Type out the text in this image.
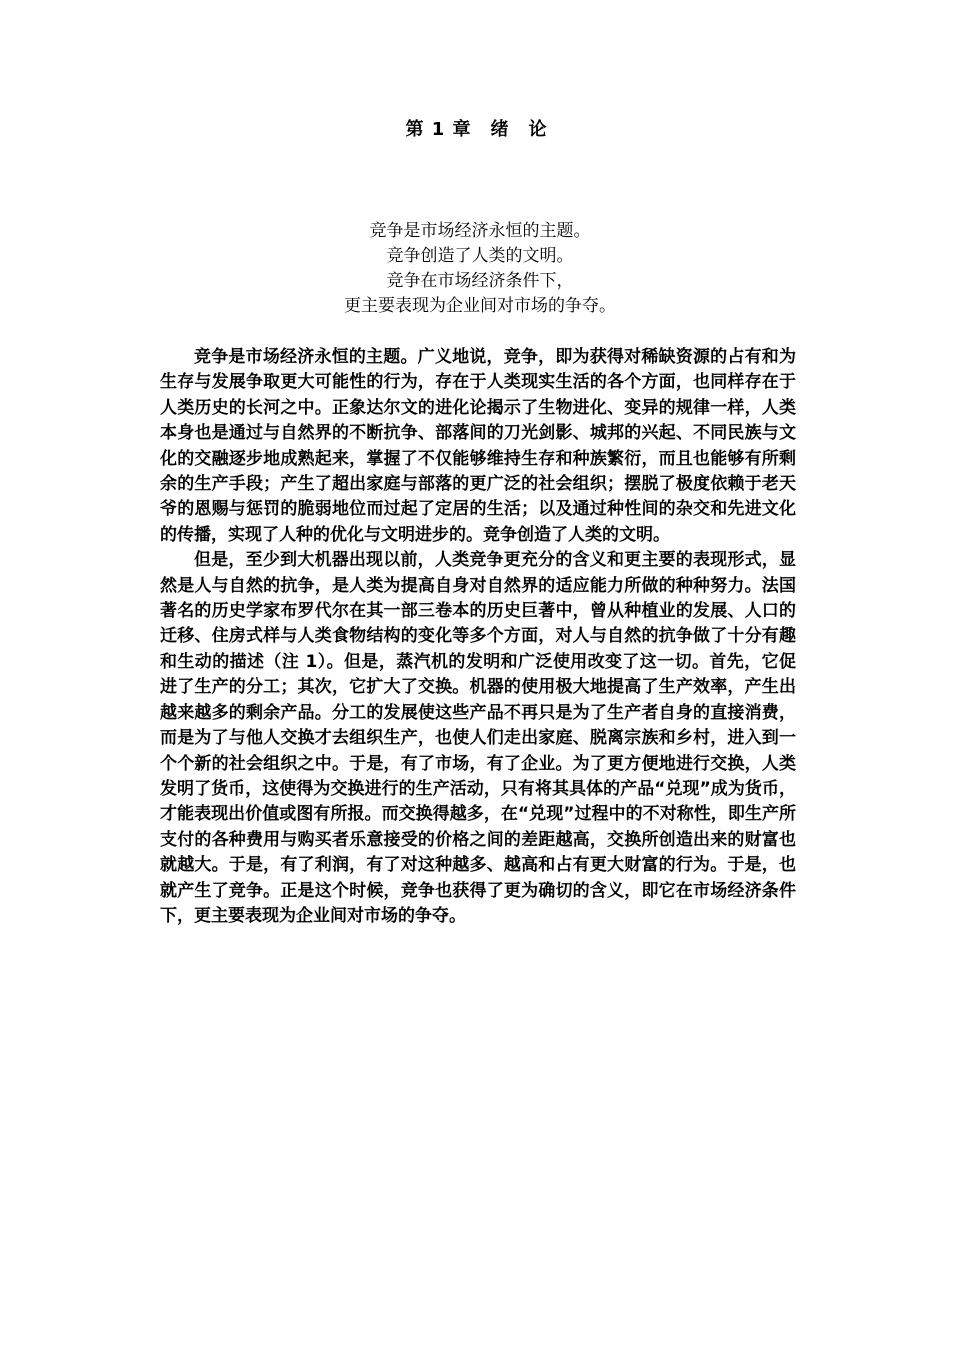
第 1 章　绪　论
竞争是市场经济永恒的主题。
竞争创造了人类的文明。
竞争在市场经济条件下，
更主要表现为企业间对市场的争夺。

竞争是市场经济永恒的主题。广义地说，竞争，即为获得对稀缺资源的占有和为生存与发展争取更大可能性的行为，存在于人类现实生活的各个方面，也同样存在于人类历史的长河之中。正象达尔文的进化论揭示了生物进化、变异的规律一样，人类本身也是通过与自然界的不断抗争、部落间的刀光剑影、城邦的兴起、不同民族与文化的交融逐步地成熟起来，掌握了不仅能够维持生存和种族繁衍，而且也能够有所剩余的生产手段；产生了超出家庭与部落的更广泛的社会组织；摆脱了极度依赖于老天爷的恩赐与惩罚的脆弱地位而过起了定居的生活；以及通过种性间的杂交和先进文化的传播，实现了人种的优化与文明进步的。竞争创造了人类的文明。

但是，至少到大机器出现以前，人类竞争更充分的含义和更主要的表现形式，显然是人与自然的抗争，是人类为提高自身对自然界的适应能力所做的种种努力。法国著名的历史学家布罗代尔在其一部三卷本的历史巨著中，曾从种植业的发展、人口的迁移、住房式样与人类食物结构的变化等多个方面，对人与自然的抗争做了十分有趣和生动的描述（注 1）。但是，蒸汽机的发明和广泛使用改变了这一切。首先，它促进了生产的分工；其次，它扩大了交换。机器的使用极大地提高了生产效率，产生出越来越多的剩余产品。分工的发展使这些产品不再只是为了生产者自身的直接消费，而是为了与他人交换才去组织生产，也使人们走出家庭、脱离宗族和乡村，进入到一个个新的社会组织之中。于是，有了市场，有了企业。为了更方便地进行交换，人类发明了货币，这使得为交换进行的生产活动，只有将其具体的产品“兑现”成为货币，才能表现出价值或图有所报。而交换得越多，在“兑现”过程中的不对称性，即生产所支付的各种费用与购买者乐意接受的价格之间的差距越高，交换所创造出来的财富也就越大。于是，有了利润，有了对这种越多、越高和占有更大财富的行为。于是，也就产生了竞争。正是这个时候，竞争也获得了更为确切的含义，即它在市场经济条件下，更主要表现为企业间对市场的争夺。
